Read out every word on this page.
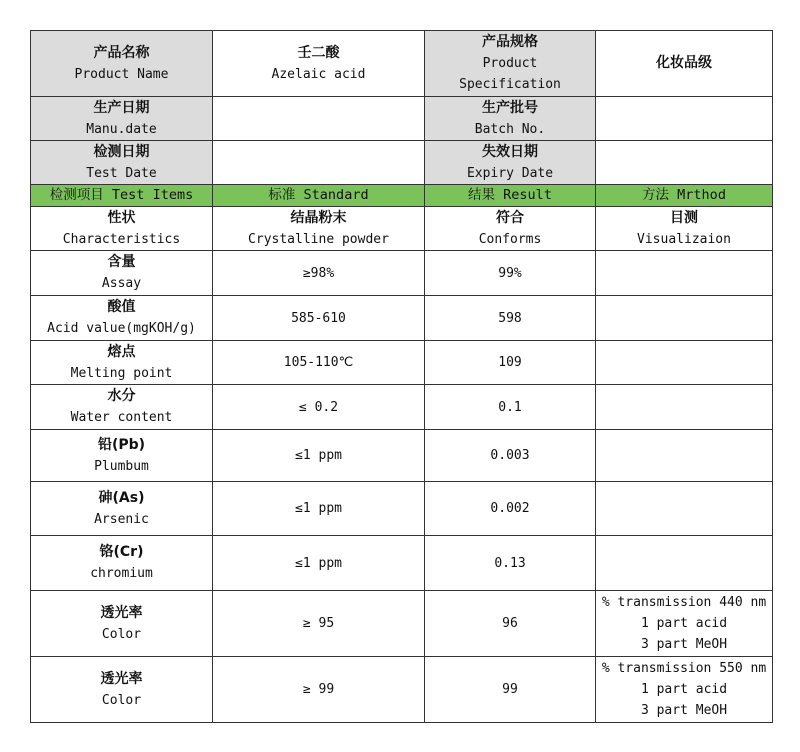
产品名称
Product Name	壬二酸
Azelaic acid	产品规格
Product
Specification	化妆品级

生产日期
Manu.date		生产批号
Batch No.	

检测日期
Test Date		失效日期
Expiry Date	

检测项目 Test Items	标准 Standard	结果 Result	方法 Mrthod

性状
Characteristics	结晶粉末
Crystalline powder	符合
Conforms	目测
Visualizaion

含量
Assay	≥98%	99%	

酸值
Acid value(mgKOH/g)	585-610	598	

熔点
Melting point	105-110℃	109	

水分
Water content	≤ 0.2	0.1	

铅(Pb)
Plumbum	≤1 ppm	0.003	

砷(As)
Arsenic	≤1 ppm	0.002	

铬(Cr)
chromium	≤1 ppm	0.13	

透光率
Color	≥ 95	96	% transmission 440 nm
1 part acid
3 part MeOH

透光率
Color	≥ 99	99	% transmission 550 nm
1 part acid
3 part MeOH
